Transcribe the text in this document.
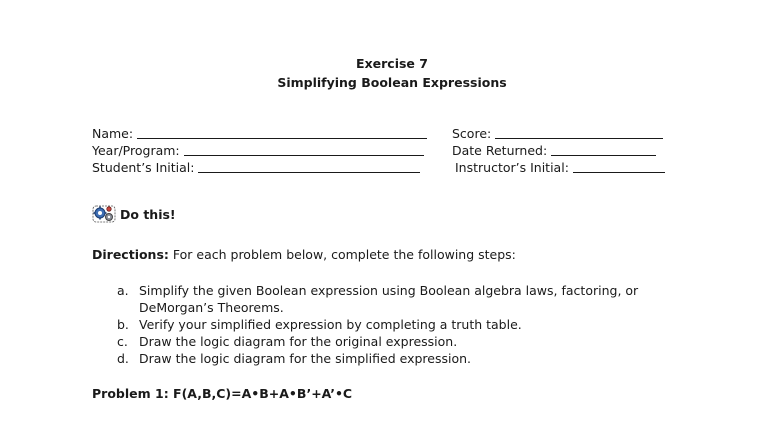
Exercise 7
Simplifying Boolean Expressions
Name:
Year/Program:
Student’s Initial:
Score:
Date Returned:
Instructor’s Initial:
Do this!
Directions: For each problem below, complete the following steps:
a. Simplify the given Boolean expression using Boolean algebra laws, factoring, or DeMorgan’s Theorems.
b. Verify your simplified expression by completing a truth table.
c. Draw the logic diagram for the original expression.
d. Draw the logic diagram for the simplified expression.
Problem 1: F(A,B,C)=A•B+A•B’+A’•C
